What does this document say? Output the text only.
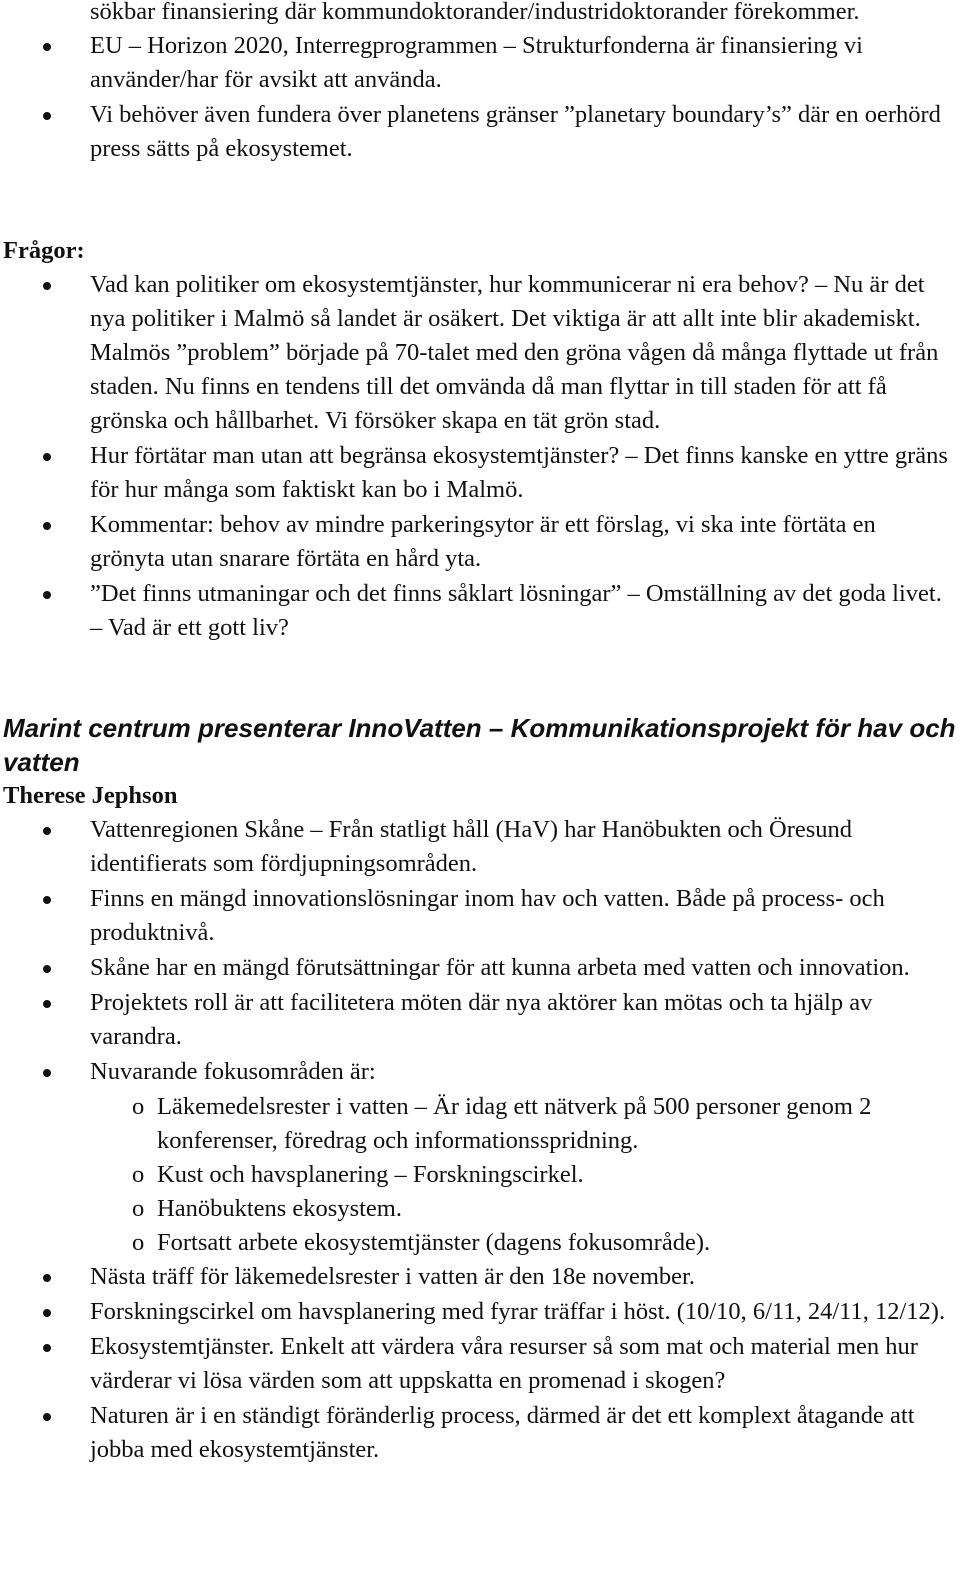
sökbar finansiering där kommundoktorander/industridoktorander förekommer.

EU – Horizon 2020, Interregprogrammen – Strukturfonderna är finansiering vi använder/har för avsikt att använda.
Vi behöver även fundera över planetens gränser ”planetary boundary’s” där en oerhörd press sätts på ekosystemet.

Frågor:

Vad kan politiker om ekosystemtjänster, hur kommunicerar ni era behov? – Nu är det nya politiker i Malmö så landet är osäkert. Det viktiga är att allt inte blir akademiskt. Malmös ”problem” började på 70-talet med den gröna vågen då många flyttade ut från staden. Nu finns en tendens till det omvända då man flyttar in till staden för att få grönska och hållbarhet. Vi försöker skapa en tät grön stad.
Hur förtätar man utan att begränsa ekosystemtjänster? – Det finns kanske en yttre gräns för hur många som faktiskt kan bo i Malmö.
Kommentar: behov av mindre parkeringsytor är ett förslag, vi ska inte förtäta en grönyta utan snarare förtäta en hård yta.
”Det finns utmaningar och det finns såklart lösningar” – Omställning av det goda livet. – Vad är ett gott liv?

Marint centrum presenterar InnoVatten – Kommunikationsprojekt för hav och vatten

Therese Jephson

Vattenregionen Skåne – Från statligt håll (HaV) har Hanöbukten och Öresund identifierats som fördjupningsområden.
Finns en mängd innovationslösningar inom hav och vatten. Både på process- och produktnivå.
Skåne har en mängd förutsättningar för att kunna arbeta med vatten och innovation.
Projektets roll är att facilitetera möten där nya aktörer kan mötas och ta hjälp av varandra.
Nuvarande fokusområden är:
o Läkemedelsrester i vatten – Är idag ett nätverk på 500 personer genom 2 konferenser, föredrag och informationsspridning.
o Kust och havsplanering – Forskningscirkel.
o Hanöbuktens ekosystem.
o Fortsatt arbete ekosystemtjänster (dagens fokusområde).
Nästa träff för läkemedelsrester i vatten är den 18e november.
Forskningscirkel om havsplanering med fyrar träffar i höst. (10/10, 6/11, 24/11, 12/12).
Ekosystemtjänster. Enkelt att värdera våra resurser så som mat och material men hur värderar vi lösa värden som att uppskatta en promenad i skogen?
Naturen är i en ständigt föränderlig process, därmed är det ett komplext åtagande att jobba med ekosystemtjänster.
